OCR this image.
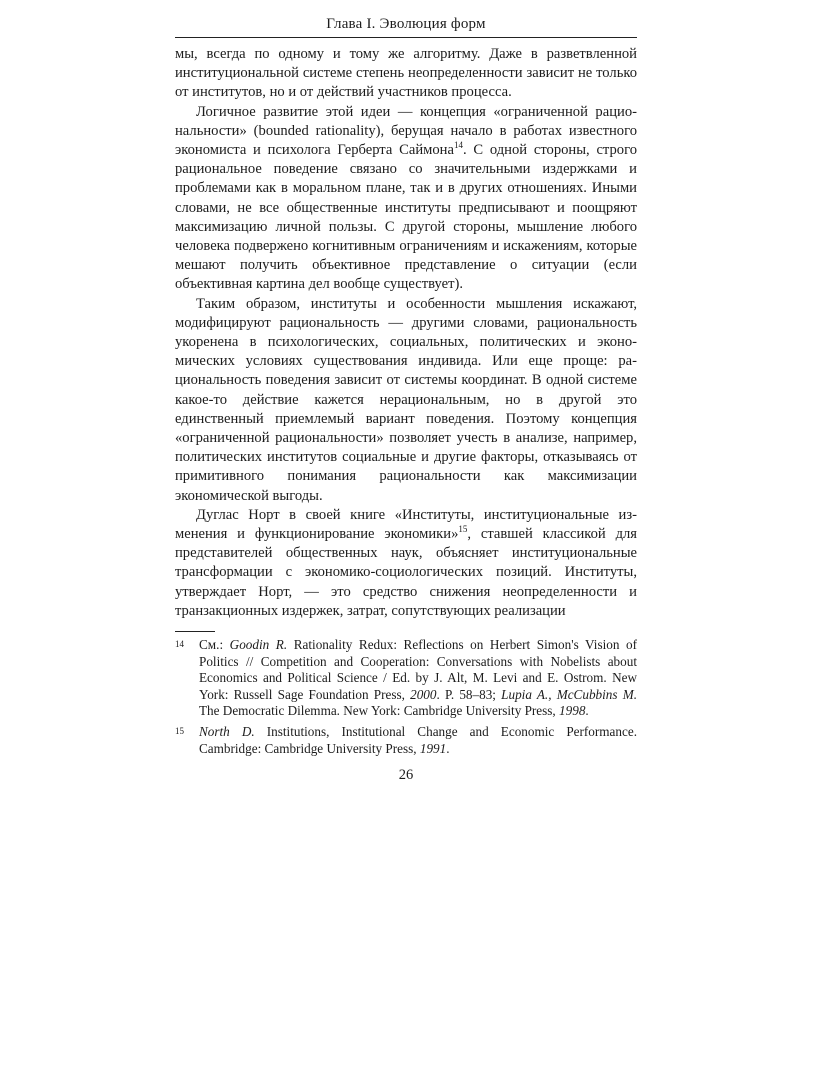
Глава I. Эволюция форм

мы, всегда по одному и тому же алгоритму. Даже в разветвленной институциональной системе степень неопределенности зависит не только от институтов, но и от действий участников процесса.

Логичное развитие этой идеи — концепция «ограниченной рациональности» (bounded rationality), берущая начало в работах известного экономиста и психолога Герберта Саймона$^{14}$. С одной стороны, строго рациональное поведение связано со значительными издержками и проблемами как в моральном плане, так и в других отношениях. Иными словами, не все общественные институты предписывают и поощряют максимизацию личной пользы. С другой стороны, мышление любого человека подвержено когнитивным ограничениям и искажениям, которые мешают получить объективное представление о ситуации (если объективная картина дел вообще существует).

Таким образом, институты и особенности мышления искажают, модифицируют рациональность — другими словами, рациональность укоренена в психологических, социальных, политических и экономических условиях существования индивида. Или еще проще: рациональность поведения зависит от системы координат. В одной системе какое-то действие кажется нерациональным, но в другой это единственный приемлемый вариант поведения. Поэтому концепция «ограниченной рациональности» позволяет учесть в анализе, например, политических институтов социальные и другие факторы, отказываясь от примитивного понимания рациональности как максимизации экономической выгоды.

Дуглас Норт в своей книге «Институты, институциональные изменения и функционирование экономики»$^{15}$, ставшей классикой для представителей общественных наук, объясняет институциональные трансформации с экономико-социологических позиций. Институты, утверждает Норт, — это средство снижения неопределенности и транзакционных издержек, затрат, сопутствующих реализации

14	См.: Goodin R. Rationality Redux: Reflections on Herbert Simon's Vision of Politics // Competition and Cooperation: Conversations with Nobelists about Economics and Political Science / Ed. by J. Alt, M. Levi and E. Ostrom. New York: Russell Sage Foundation Press, 2000. P. 58–83; Lupia A., McCubbins M. The Democratic Dilemma. New York: Cambridge University Press, 1998.
15	North D. Institutions, Institutional Change and Economic Performance. Cambridge: Cambridge University Press, 1991.
26
